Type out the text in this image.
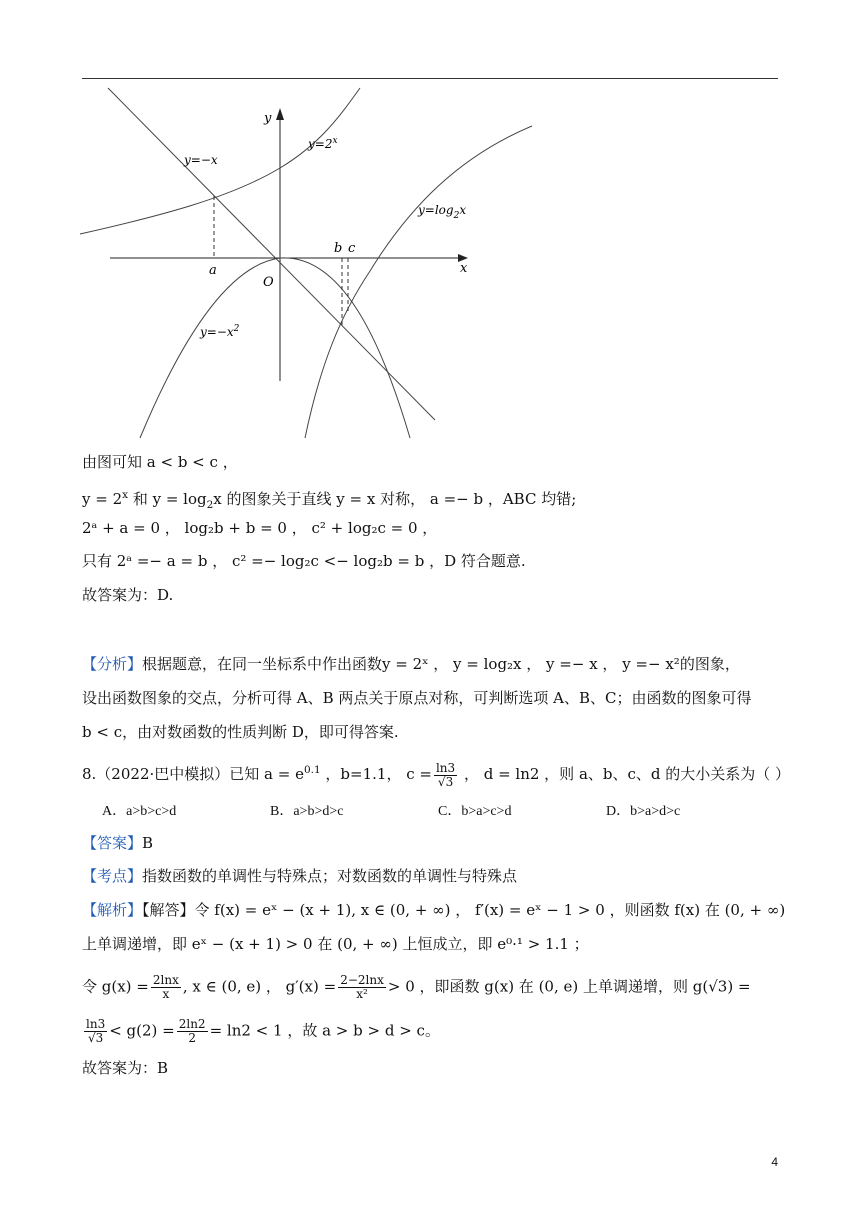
y
x
O
y=−x
$y=2^x$
$y=\log_2x$
$y=-x^2$
a
b c
由图可知 a < b < c ，
$y = 2^x$ 和 $y = \log_2x$ 的图象关于直线 y = x 对称， a =− b ，ABC 均错;
2ᵃ + a = 0 ， log₂b + b = 0 ， c² + log₂c = 0 ，
只有 2ᵃ =− a = b ， c² =− log₂c <− log₂b = b ，D 符合题意.
故答案为：D.
【分析】根据题意，在同一坐标系中作出函数y = 2ˣ ， y = log₂x ， y =− x ， y =− x²的图象，
设出函数图象的交点，分析可得 A、B 两点关于原点对称，可判断选项 A、B、C；由函数的图象可得
b < c，由对数函数的性质判断 D，即可得答案.
8.（2022·巴中模拟）已知 $a = e^{0.1}$ ，b=1.1， $c = \frac{\ln 3}{√3}$ ， d = ln2 ，则 a、b、c、d 的大小关系为（ ）
A．a>b>c>d	B．a>b>d>c	C．b>a>c>d	D．b>a>d>c
【答案】B
【考点】指数函数的单调性与特殊点；对数函数的单调性与特殊点
【解析】【解答】令 f(x) = eˣ − (x + 1), x ∈ (0, + ∞) ， f′(x) = eˣ − 1 > 0 ，则函数 f(x) 在 (0, + ∞)
上单调递增，即 eˣ − (x + 1) > 0 在 (0, + ∞) 上恒成立，即 e⁰·¹ > 1.1 ；
令 $g(x) = \frac{2\ln x}{x}$ , x ∈ (0, e) ， $g'(x) = \frac{2-2\ln x}{\text{x²}} > 0$ ，即函数 g(x) 在 (0, e) 上单调递增，则 g(√3) =
$\frac{\ln 3}{√3} < g(2) = \frac{2\ln 2}{2} = \ln 2 < 1$ ，故 a > b > d > c。
故答案为：B
4
